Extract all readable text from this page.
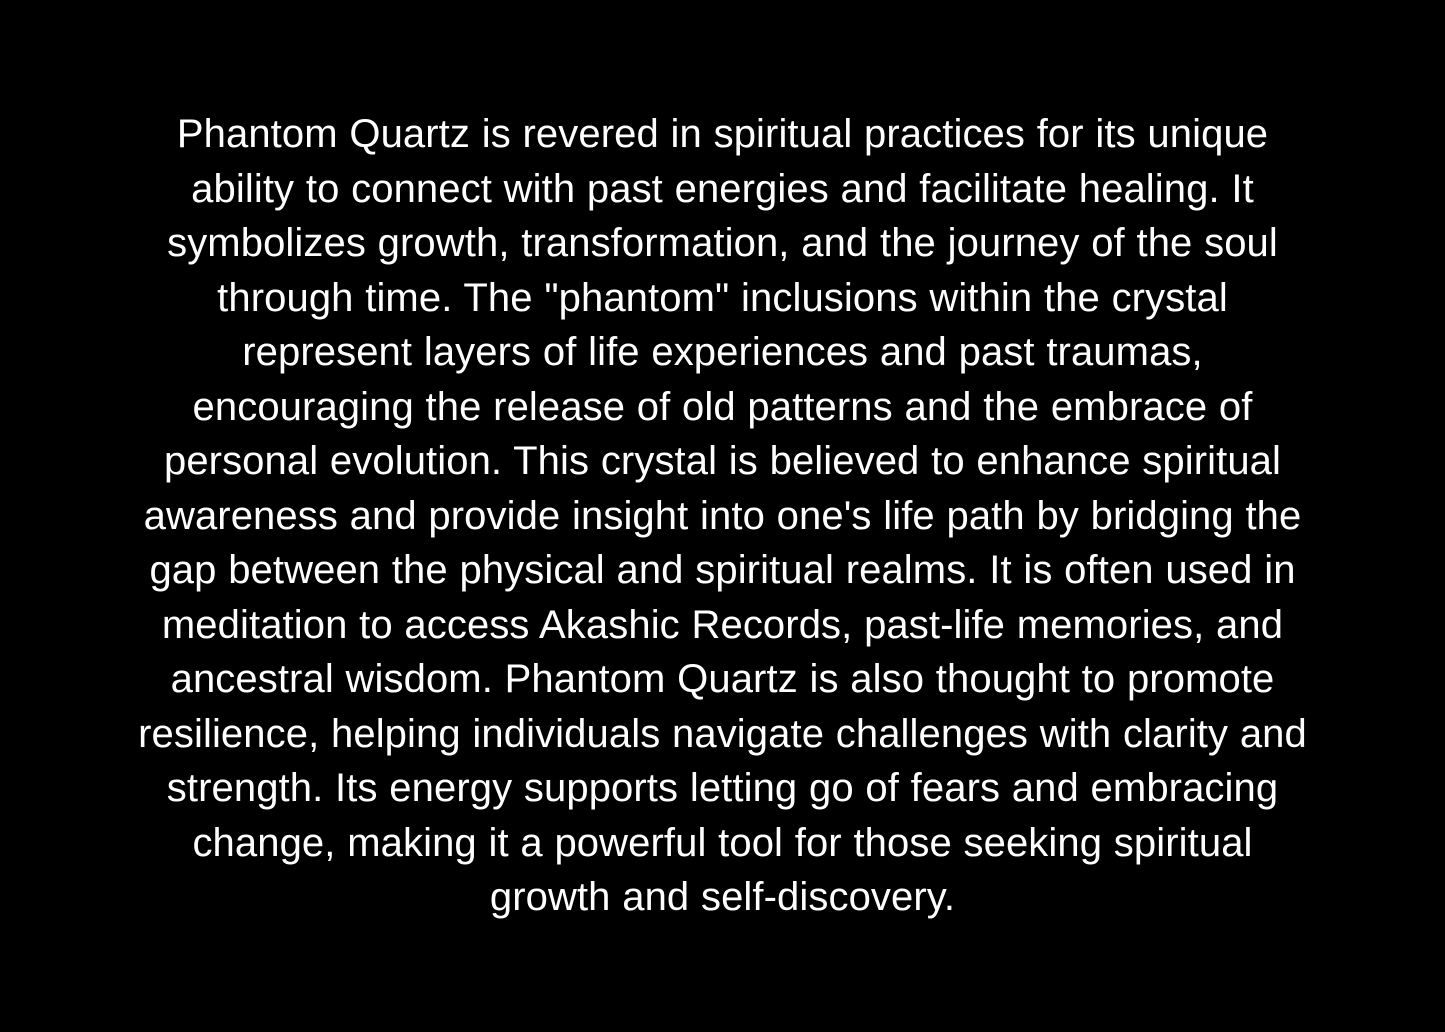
Phantom Quartz is revered in spiritual practices for its unique ability to connect with past energies and facilitate healing. It symbolizes growth, transformation, and the journey of the soul through time. The "phantom" inclusions within the crystal represent layers of life experiences and past traumas, encouraging the release of old patterns and the embrace of personal evolution. This crystal is believed to enhance spiritual awareness and provide insight into one's life path by bridging the gap between the physical and spiritual realms. It is often used in meditation to access Akashic Records, past-life memories, and ancestral wisdom. Phantom Quartz is also thought to promote resilience, helping individuals navigate challenges with clarity and strength. Its energy supports letting go of fears and embracing change, making it a powerful tool for those seeking spiritual growth and self-discovery.
